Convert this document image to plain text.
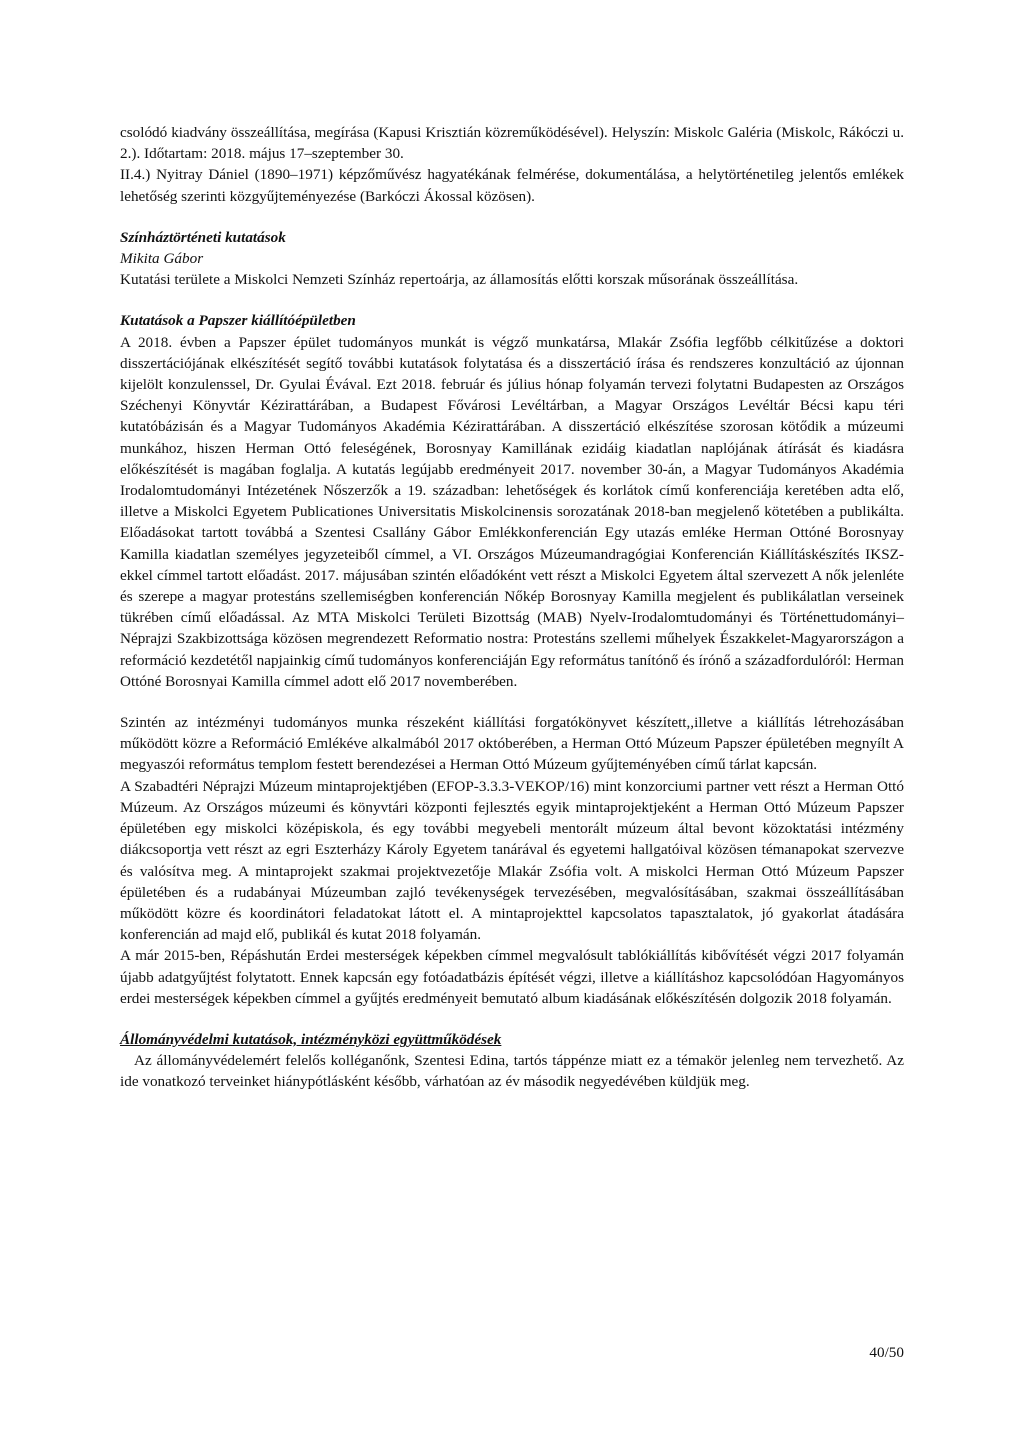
csolódó kiadvány összeállítása, megírása (Kapusi Krisztián közreműködésével). Helyszín: Miskolc Galéria (Miskolc, Rákóczi u. 2.). Időtartam: 2018. május 17–szeptember 30.

II.4.) Nyitray Dániel (1890–1971) képzőművész hagyatékának felmérése, dokumentálása, a helytörténetileg jelentős emlékek lehetőség szerinti közgyűjteményezése (Barkóczi Ákossal közösen).

Színháztörténeti kutatások

Mikita Gábor

Kutatási területe a Miskolci Nemzeti Színház repertoárja, az államosítás előtti korszak műsorának összeállítása.

Kutatások a Papszer kiállítóépületben

A 2018. évben a Papszer épület tudományos munkát is végző munkatársa, Mlakár Zsófia legfőbb célkitűzése a doktori disszertációjának elkészítését segítő további kutatások folytatása és a disszertáció írása és rendszeres konzultáció az újonnan kijelölt konzulenssel, Dr. Gyulai Évával. Ezt 2018. február és július hónap folyamán tervezi folytatni Budapesten az Országos Széchenyi Könyvtár Kézirattárában, a Budapest Fővárosi Levéltárban, a Magyar Országos Levéltár Bécsi kapu téri kutatóbázisán és a Magyar Tudományos Akadémia Kézirattárában. A disszertáció elkészítése szorosan kötődik a múzeumi munkához, hiszen Herman Ottó feleségének, Borosnyay Kamillának ezidáig kiadatlan naplójának átírását és kiadásra előkészítését is magában foglalja. A kutatás legújabb eredményeit 2017. november 30-án, a Magyar Tudományos Akadémia Irodalomtudományi Intézetének Nőszerzők a 19. században: lehetőségek és korlátok című konferenciája keretében adta elő, illetve a Miskolci Egyetem Publicationes Universitatis Miskolcinensis sorozatának 2018-ban megjelenő kötetében a publikálta. Előadásokat tartott továbbá a Szentesi Csallány Gábor Emlékkonferencián Egy utazás emléke Herman Ottóné Borosnyay Kamilla kiadatlan személyes jegyzeteiből címmel, a VI. Országos Múzeumandragógiai Konferencián Kiállításkészítés IKSZ-ekkel címmel tartott előadást. 2017. májusában szintén előadóként vett részt a Miskolci Egyetem által szervezett A nők jelenléte és szerepe a magyar protestáns szellemiségben konferencián Nőkép Borosnyay Kamilla megjelent és publikálatlan verseinek tükrében című előadással. Az MTA Miskolci Területi Bizottság (MAB) Nyelv-Irodalomtudományi és Történettudományi–Néprajzi Szakbizottsága közösen megrendezett Reformatio nostra: Protestáns szellemi műhelyek Északkelet-Magyarországon a reformáció kezdetétől napjainkig című tudományos konferenciáján Egy református tanítónő és írónő a századfordulóról: Herman Ottóné Borosnyai Kamilla címmel adott elő 2017 novemberében.

Szintén az intézményi tudományos munka részeként kiállítási forgatókönyvet készített,,illetve a kiállítás létrehozásában működött közre a Reformáció Emlékéve alkalmából 2017 októberében, a Herman Ottó Múzeum Papszer épületében megnyílt A megyaszói református templom festett berendezései a Herman Ottó Múzeum gyűjteményében című tárlat kapcsán.

A Szabadtéri Néprajzi Múzeum mintaprojektjében (EFOP-3.3.3-VEKOP/16) mint konzorciumi partner vett részt a Herman Ottó Múzeum. Az Országos múzeumi és könyvtári központi fejlesztés egyik mintaprojektjeként a Herman Ottó Múzeum Papszer épületében egy miskolci középiskola, és egy további megyebeli mentorált múzeum által bevont közoktatási intézmény diákcsoportja vett részt az egri Eszterházy Károly Egyetem tanárával és egyetemi hallgatóival közösen témanapokat szervezve és valósítva meg. A mintaprojekt szakmai projektvezetője Mlakár Zsófia volt. A miskolci Herman Ottó Múzeum Papszer épületében és a rudabányai Múzeumban zajló tevékenységek tervezésében, megvalósításában, szakmai összeállításában működött közre és koordinátori feladatokat látott el. A mintaprojekttel kapcsolatos tapasztalatok, jó gyakorlat átadására konferencián ad majd elő, publikál és kutat 2018 folyamán.

A már 2015-ben, Répáshután Erdei mesterségek képekben címmel megvalósult tablókiállítás kibővítését végzi 2017 folyamán újabb adatgyűjtést folytatott. Ennek kapcsán egy fotóadatbázis építését végzi, illetve a kiállításhoz kapcsolódóan Hagyományos erdei mesterségek képekben címmel a gyűjtés eredményeit bemutató album kiadásának előkészítésén dolgozik 2018 folyamán.

Állományvédelmi kutatások, intézményközi együttműködések

Az állományvédelemért felelős kolléganőnk, Szentesi Edina, tartós táppénze miatt ez a témakör jelenleg nem tervezhető. Az ide vonatkozó terveinket hiánypótlásként később, várhatóan az év második negyedévében küldjük meg.

40/50
